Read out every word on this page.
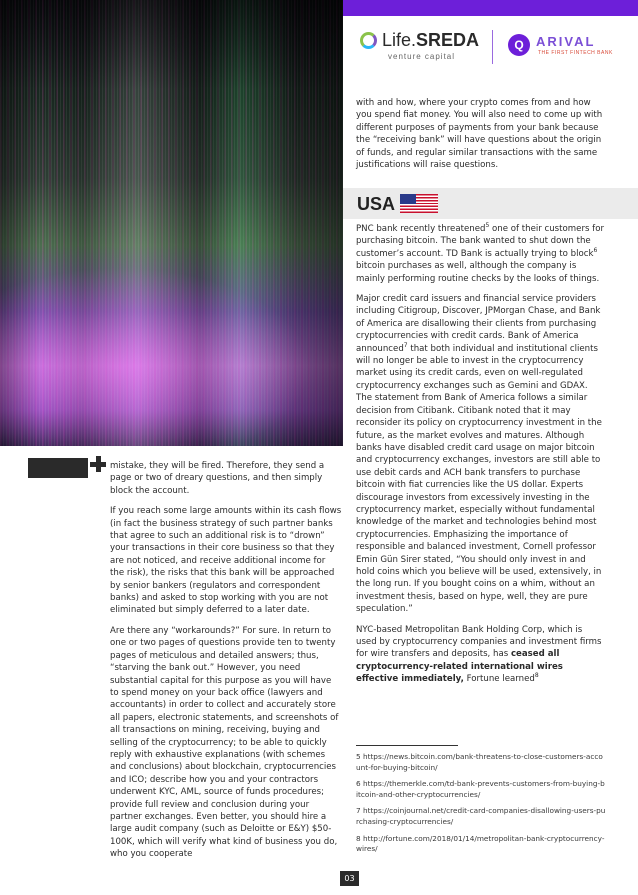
Life.SREDA
venture capital
Q ARIVAL
THE FIRST FINTECH BANK

with and how, where your crypto comes from and how you spend fiat money. You will also need to come up with different purposes of payments from your bank because the “receiving bank” will have questions about the origin of funds, and regular similar transactions with the same justifications will raise questions.

USA

PNC bank recently threatened$^5$ one of their customers for purchasing bitcoin. The bank wanted to shut down the customer’s account. TD Bank is actually trying to block$^6$ bitcoin purchases as well, although the company is mainly performing routine checks by the looks of things.

Major credit card issuers and financial service providers including Citigroup, Discover, JPMorgan Chase, and Bank of America are disallowing their clients from purchasing cryptocurrencies with credit cards. Bank of America announced$^7$ that both individual and institutional clients will no longer be able to invest in the cryptocurrency market using its credit cards, even on well-regulated cryptocurrency exchanges such as Gemini and GDAX. The statement from Bank of America follows a similar decision from Citibank. Citibank noted that it may reconsider its policy on cryptocurrency investment in the future, as the market evolves and matures. Although banks have disabled credit card usage on major bitcoin and cryptocurrency exchanges, investors are still able to use debit cards and ACH bank transfers to purchase bitcoin with fiat currencies like the US dollar. Experts discourage investors from excessively investing in the cryptocurrency market, especially without fundamental knowledge of the market and technologies behind most cryptocurrencies. Emphasizing the importance of responsible and balanced investment, Cornell professor Emin Gün Sirer stated, “You should only invest in and hold coins which you believe will be used, extensively, in the long run. If you bought coins on a whim, without an investment thesis, based on hype, well, they are pure speculation.”

NYC-based Metropolitan Bank Holding Corp, which is used by cryptocurrency companies and investment firms for wire transfers and deposits, has ceased all cryptocurrency-related international wires effective immediately, Fortune learned$^8$

mistake, they will be fired. Therefore, they send a page or two of dreary questions, and then simply block the account.

If you reach some large amounts within its cash flows (in fact the business strategy of such partner banks that agree to such an additional risk is to “drown” your transactions in their core business so that they are not noticed, and receive additional income for the risk), the risks that this bank will be approached by senior bankers (regulators and correspondent banks) and asked to stop working with you are not eliminated but simply deferred to a later date.

Are there any “workarounds?” For sure. In return to one or two pages of questions provide ten to twenty pages of meticulous and detailed answers; thus, “starving the bank out.” However, you need substantial capital for this purpose as you will have to spend money on your back office (lawyers and accountants) in order to collect and accurately store all papers, electronic statements, and screenshots of all transactions on mining, receiving, buying and selling of the cryptocurrency; to be able to quickly reply with exhaustive explanations (with schemes and conclusions) about blockchain, cryptocurrencies and ICO; describe how you and your contractors underwent KYC, AML, source of funds procedures; provide full review and conclusion during your partner exchanges. Even better, you should hire a large audit company (such as Deloitte or E&Y) $50-100K, which will verify what kind of business you do, who you cooperate

5 https://news.bitcoin.com/bank-threatens-to-close-customers-account-for-buying-bitcoin/

6 https://themerkle.com/td-bank-prevents-customers-from-buying-bitcoin-and-other-cryptocurrencies/

7 https://coinjournal.net/credit-card-companies-disallowing-users-purchasing-cryptocurrencies/

8 http://fortune.com/2018/01/14/metropolitan-bank-cryptocurrency-wires/

03
